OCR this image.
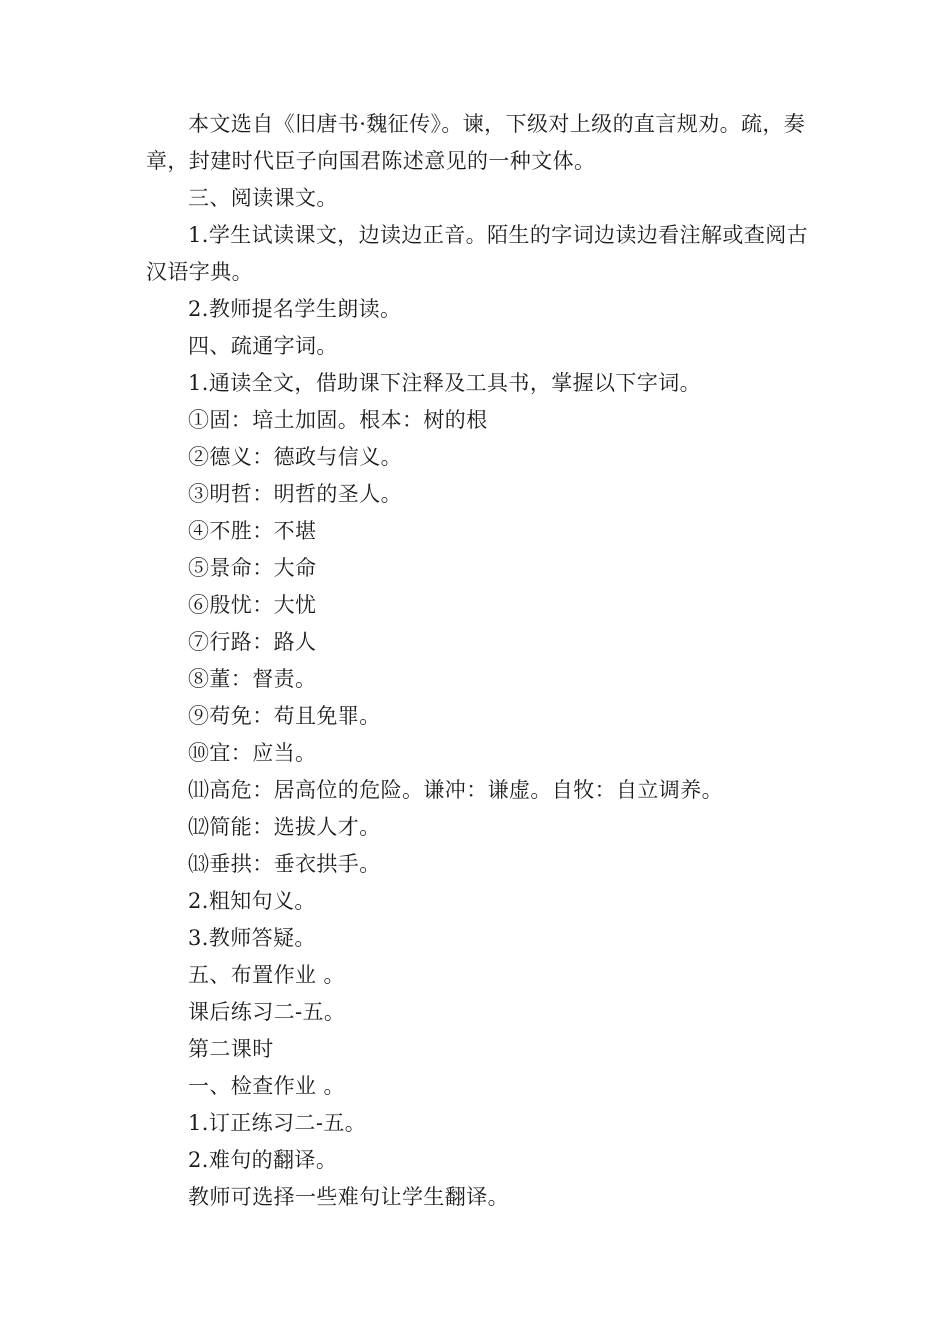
本文选自《旧唐书·魏征传》。谏，下级对上级的直言规劝。疏，奏章，封建时代臣子向国君陈述意见的一种文体。

三、阅读课文。

1.学生试读课文，边读边正音。陌生的字词边读边看注解或查阅古汉语字典。

2.教师提名学生朗读。

四、疏通字词。

1.通读全文，借助课下注释及工具书，掌握以下字词。

①固：培土加固。根本：树的根

②德义：德政与信义。

③明哲：明哲的圣人。

④不胜：不堪

⑤景命：大命

⑥殷忧：大忧

⑦行路：路人

⑧董：督责。

⑨苟免：苟且免罪。

⑩宜：应当。

⑾高危：居高位的危险。谦冲：谦虚。自牧：自立调养。

⑿简能：选拔人才。

⒀垂拱：垂衣拱手。

2.粗知句义。

3.教师答疑。

五、布置作业 。

课后练习二-五。

第二课时

一、检查作业 。

1.订正练习二-五。

2.难句的翻译。

教师可选择一些难句让学生翻译。
